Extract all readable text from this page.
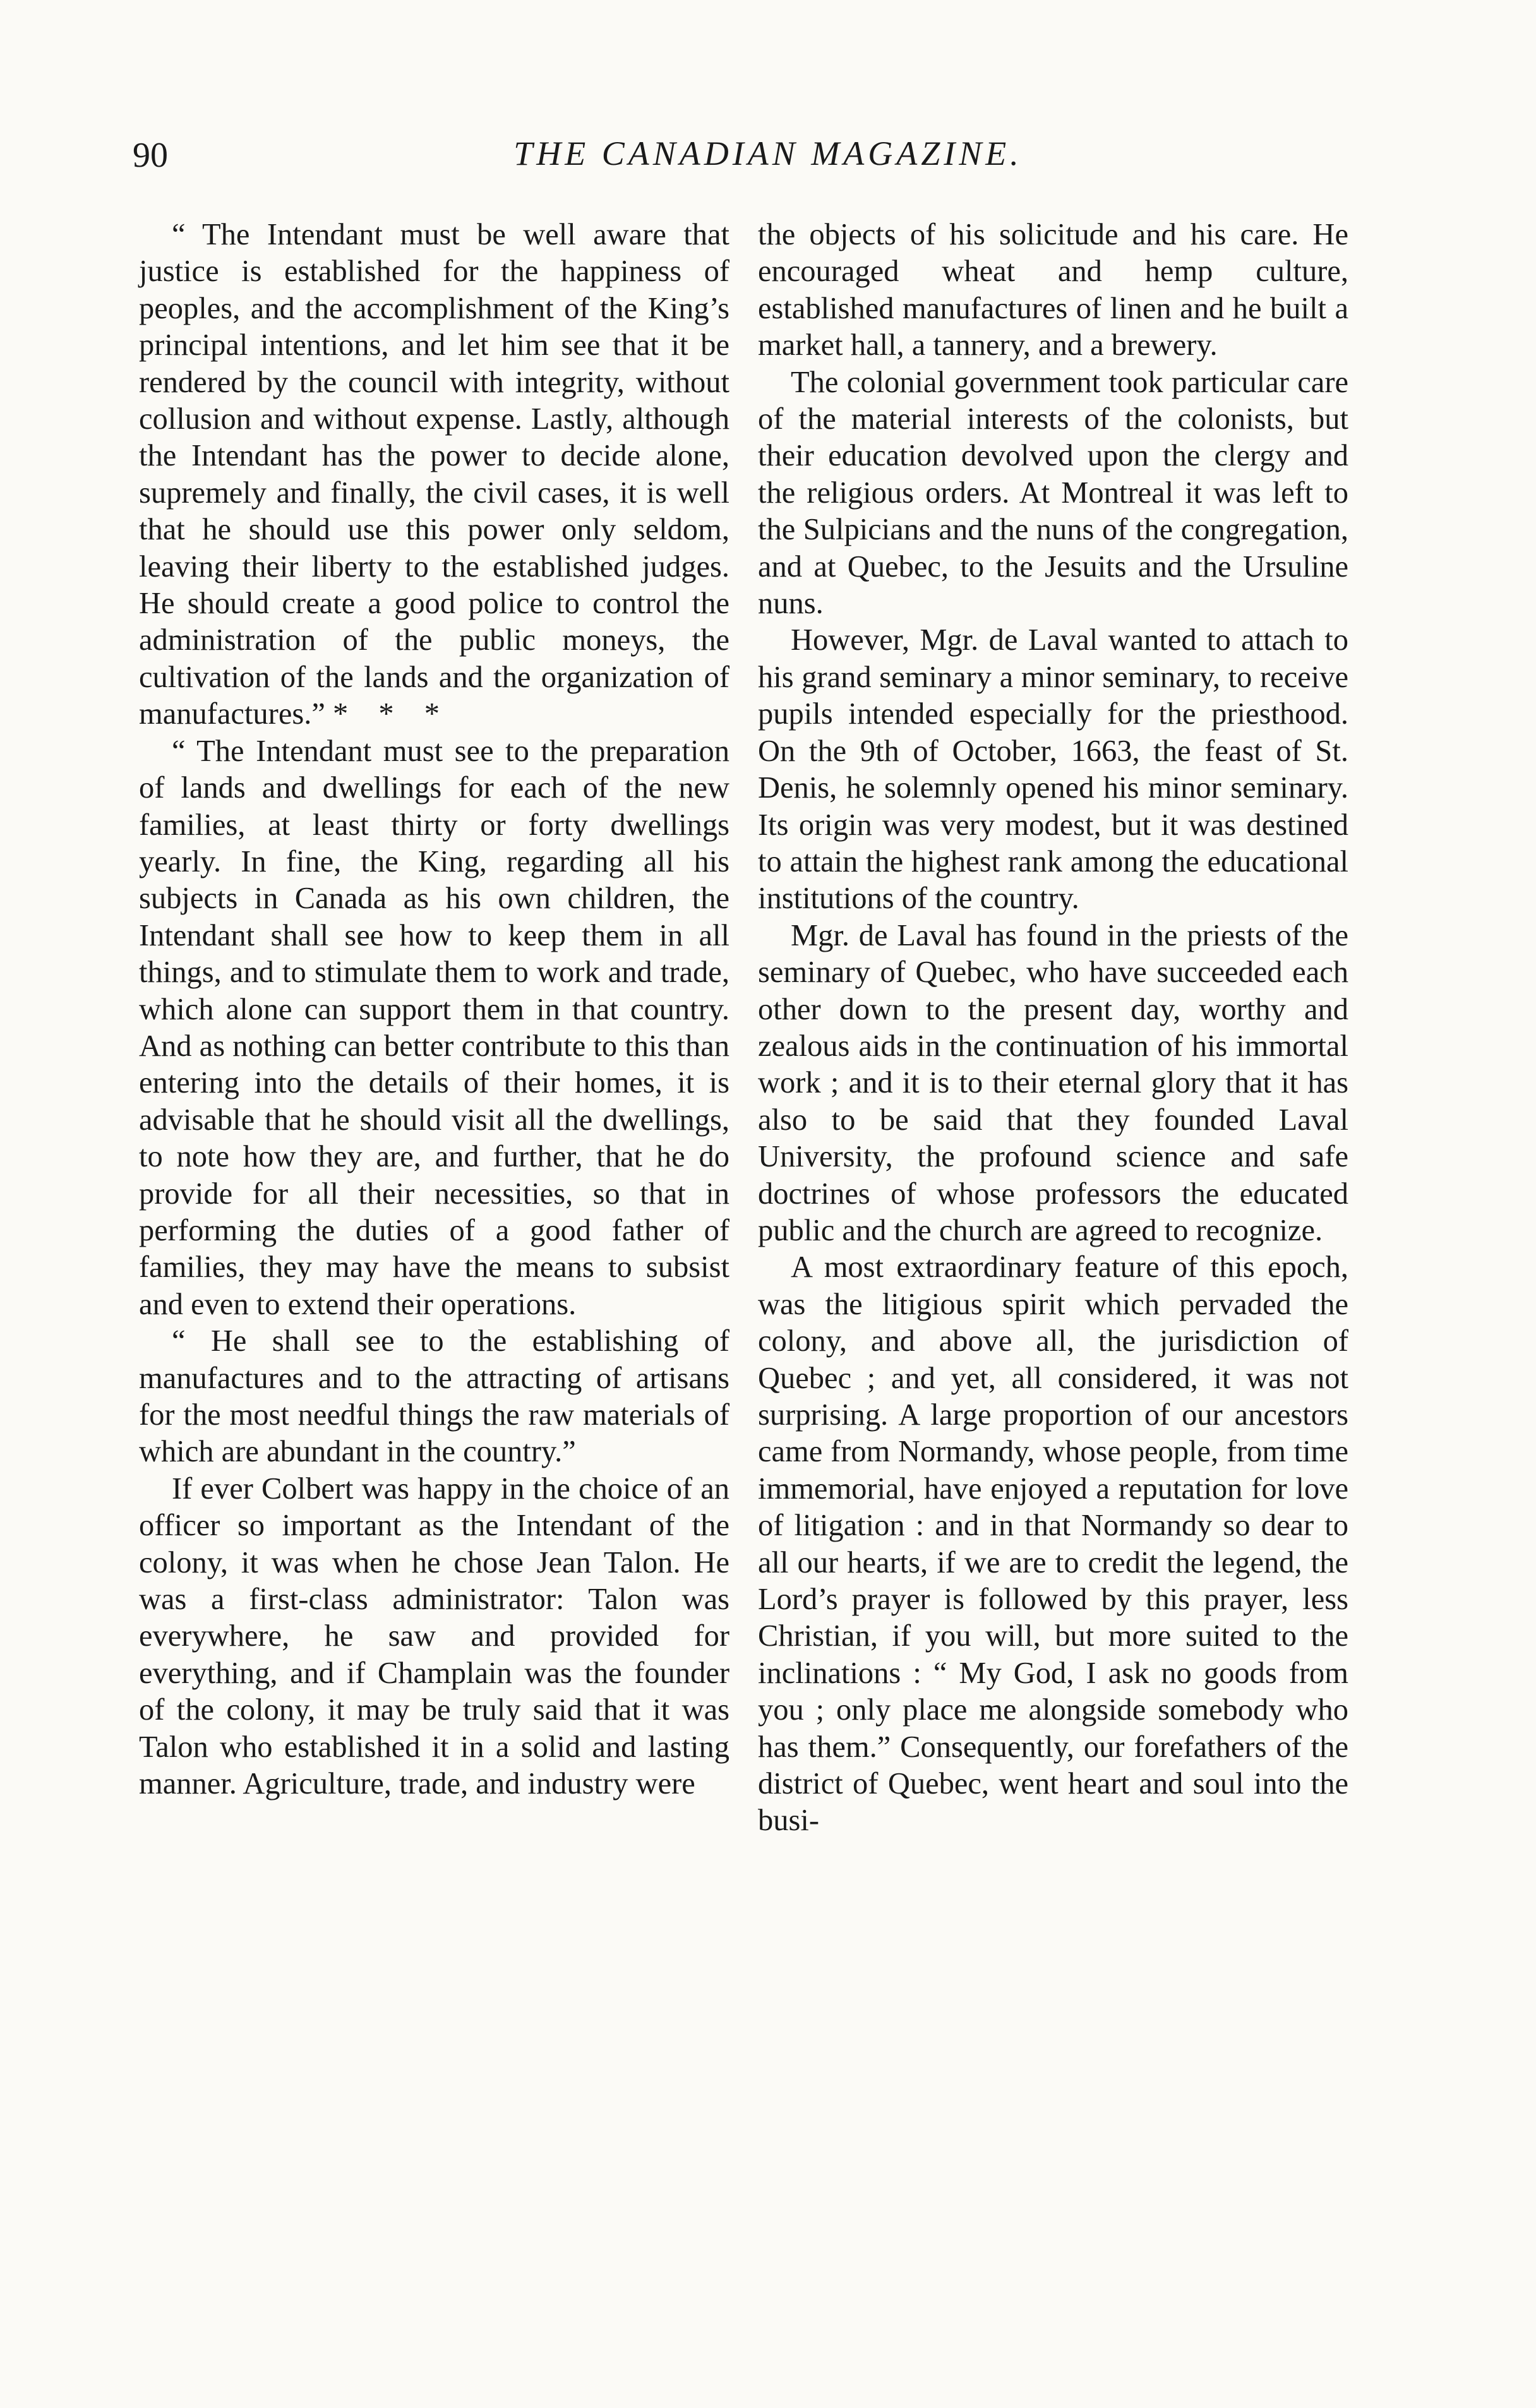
90	THE CANADIAN MAGAZINE.

“ The Intendant must be well aware that justice is established for the happiness of peoples, and the accomplishment of the King’s principal intentions, and let him see that it be rendered by the council with integrity, without collusion and without expense. Lastly, although the Intendant has the power to decide alone, supremely and finally, the civil cases, it is well that he should use this power only seldom, leaving their liberty to the established judges. He should create a good police to control the administration of the public moneys, the cultivation of the lands and the organization of manufactures.” * * *

“ The Intendant must see to the preparation of lands and dwellings for each of the new families, at least thirty or forty dwellings yearly. In fine, the King, regarding all his subjects in Canada as his own children, the Intendant shall see how to keep them in all things, and to stimulate them to work and trade, which alone can support them in that country. And as nothing can better contribute to this than entering into the details of their homes, it is advisable that he should visit all the dwellings, to note how they are, and further, that he do provide for all their necessities, so that in performing the duties of a good father of families, they may have the means to subsist and even to extend their operations.

“ He shall see to the establishing of manufactures and to the attracting of artisans for the most needful things the raw materials of which are abundant in the country.”

If ever Colbert was happy in the choice of an officer so important as the Intendant of the colony, it was when he chose Jean Talon. He was a first-class administrator: Talon was everywhere, he saw and provided for everything, and if Champlain was the founder of the colony, it may be truly said that it was Talon who established it in a solid and lasting manner. Agriculture, trade, and industry were

the objects of his solicitude and his care. He encouraged wheat and hemp culture, established manufactures of linen and he built a market hall, a tannery, and a brewery.

The colonial government took particular care of the material interests of the colonists, but their education devolved upon the clergy and the religious orders. At Montreal it was left to the Sulpicians and the nuns of the congregation, and at Quebec, to the Jesuits and the Ursuline nuns.

However, Mgr. de Laval wanted to attach to his grand seminary a minor seminary, to receive pupils intended especially for the priesthood. On the 9th of October, 1663, the feast of St. Denis, he solemnly opened his minor seminary. Its origin was very modest, but it was destined to attain the highest rank among the educational institutions of the country.

Mgr. de Laval has found in the priests of the seminary of Quebec, who have succeeded each other down to the present day, worthy and zealous aids in the continuation of his immortal work ; and it is to their eternal glory that it has also to be said that they founded Laval University, the profound science and safe doctrines of whose professors the educated public and the church are agreed to recognize.

A most extraordinary feature of this epoch, was the litigious spirit which pervaded the colony, and above all, the jurisdiction of Quebec ; and yet, all considered, it was not surprising. A large proportion of our ancestors came from Normandy, whose people, from time immemorial, have enjoyed a reputation for love of litigation : and in that Normandy so dear to all our hearts, if we are to credit the legend, the Lord’s prayer is followed by this prayer, less Christian, if you will, but more suited to the inclinations : “ My God, I ask no goods from you ; only place me alongside somebody who has them.” Consequently, our forefathers of the district of Quebec, went heart and soul into the busi-
